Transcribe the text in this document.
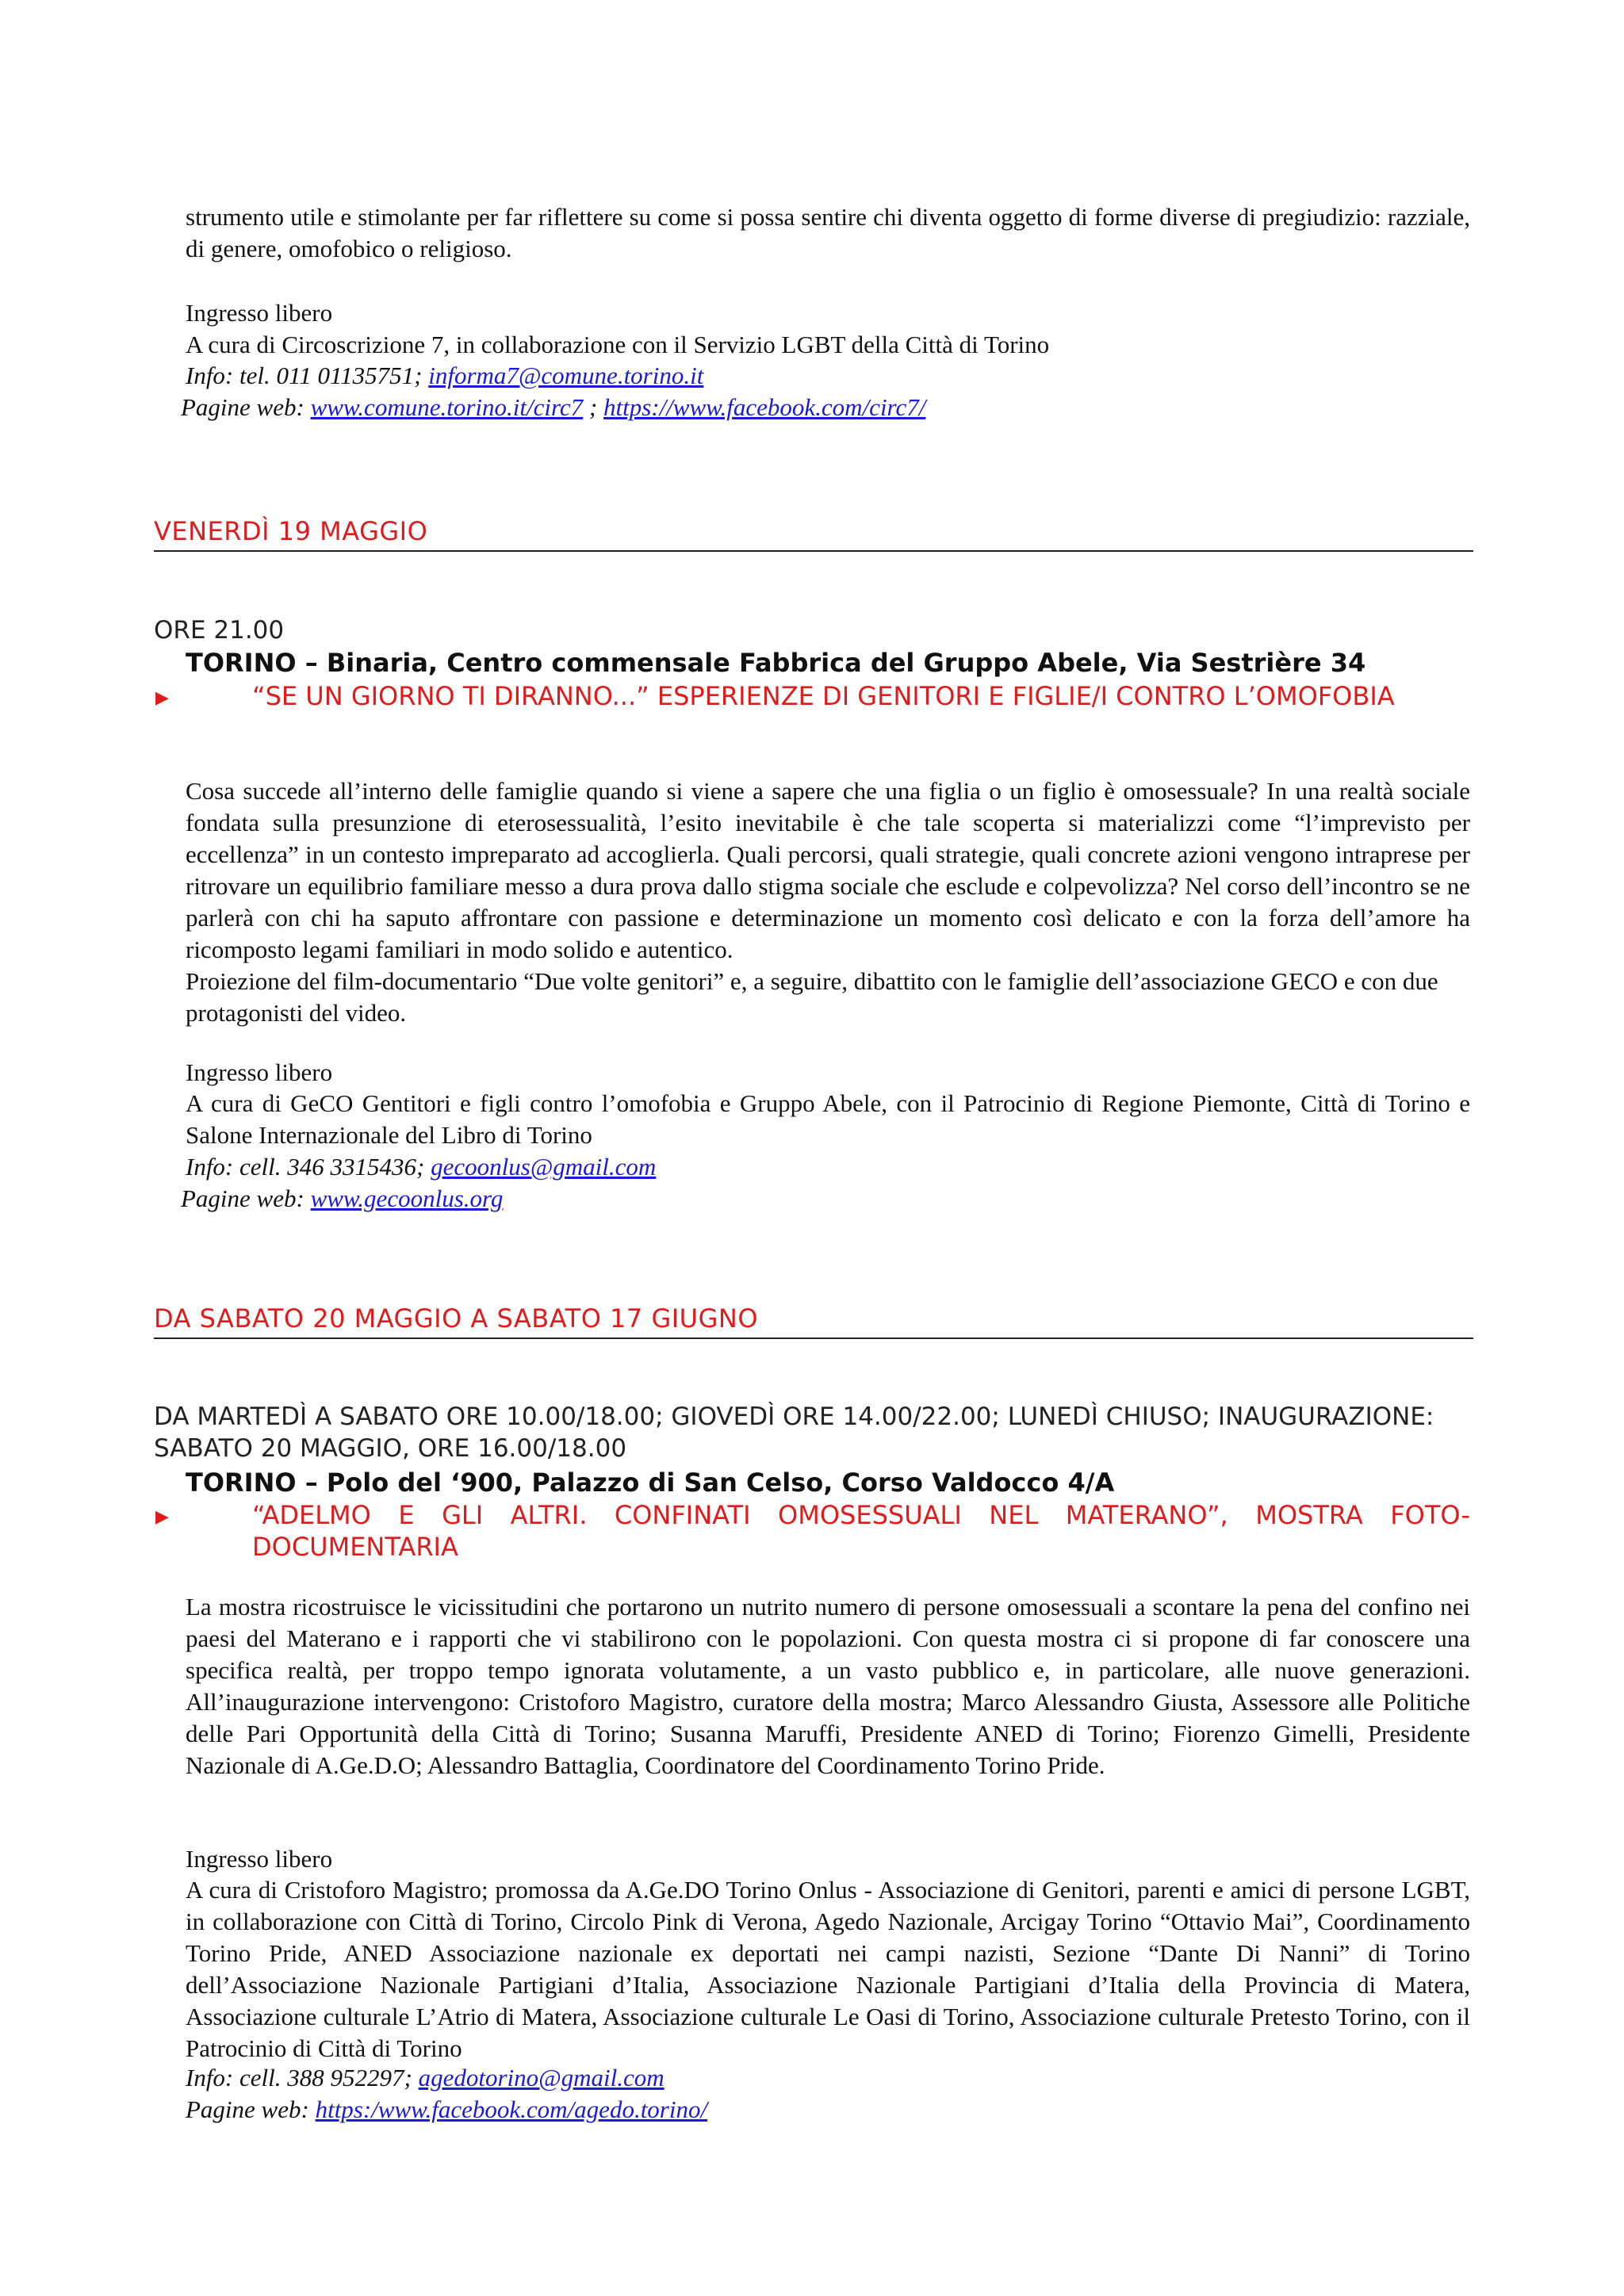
strumento utile e stimolante per far riflettere su come si possa sentire chi diventa oggetto di forme diverse di pregiudizio: razziale, di genere, omofobico o religioso.

Ingresso libero
A cura di Circoscrizione 7, in collaborazione con il Servizio LGBT della Città di Torino
Info: tel. 011 01135751; informa7@comune.torino.it
Pagine web: www.comune.torino.it/circ7 ; https://www.facebook.com/circ7/
VENERDÌ 19 MAGGIO
ORE 21.00
TORINO – Binaria, Centro commensale Fabbrica del Gruppo Abele, Via Sestrière 34
▶	“SE UN GIORNO TI DIRANNO...” ESPERIENZE DI GENITORI E FIGLIE/I CONTRO L’OMOFOBIA

Cosa succede all’interno delle famiglie quando si viene a sapere che una figlia o un figlio è omosessuale? In una realtà sociale fondata sulla presunzione di eterosessualità, l’esito inevitabile è che tale scoperta si materializzi come “l’imprevisto per eccellenza” in un contesto impreparato ad accoglierla. Quali percorsi, quali strategie, quali concrete azioni vengono intraprese per ritrovare un equilibrio familiare messo a dura prova dallo stigma sociale che esclude e colpevolizza? Nel corso dell’incontro se ne parlerà con chi ha saputo affrontare con passione e determinazione un momento così delicato e con la forza dell’amore ha ricomposto legami familiari in modo solido e autentico.

Proiezione del film-documentario “Due volte genitori” e, a seguire, dibattito con le famiglie dell’associazione GECO e con due protagonisti del video.

Ingresso libero
A cura di GeCO Gentitori e figli contro l’omofobia e Gruppo Abele, con il Patrocinio di Regione Piemonte, Città di Torino e Salone Internazionale del Libro di Torino
Info: cell. 346 3315436; gecoonlus@gmail.com
Pagine web: www.gecoonlus.org
DA SABATO 20 MAGGIO A SABATO 17 GIUGNO
DA MARTEDÌ A SABATO ORE 10.00/18.00; GIOVEDÌ ORE 14.00/22.00; LUNEDÌ CHIUSO; INAUGURAZIONE: SABATO 20 MAGGIO, ORE 16.00/18.00
TORINO – Polo del ‘900, Palazzo di San Celso, Corso Valdocco 4/A
▶	“ADELMO E GLI ALTRI. CONFINATI OMOSESSUALI NEL MATERANO”, MOSTRA FOTO-DOCUMENTARIA

La mostra ricostruisce le vicissitudini che portarono un nutrito numero di persone omosessuali a scontare la pena del confino nei paesi del Materano e i rapporti che vi stabilirono con le popolazioni. Con questa mostra ci si propone di far conoscere una specifica realtà, per troppo tempo ignorata volutamente, a un vasto pubblico e, in particolare, alle nuove generazioni. All’inaugurazione intervengono: Cristoforo Magistro, curatore della mostra; Marco Alessandro Giusta, Assessore alle Politiche delle Pari Opportunità della Città di Torino; Susanna Maruffi, Presidente ANED di Torino; Fiorenzo Gimelli, Presidente Nazionale di A.Ge.D.O; Alessandro Battaglia, Coordinatore del Coordinamento Torino Pride.

Ingresso libero
A cura di Cristoforo Magistro; promossa da A.Ge.DO Torino Onlus - Associazione di Genitori, parenti e amici di persone LGBT, in collaborazione con Città di Torino, Circolo Pink di Verona, Agedo Nazionale, Arcigay Torino “Ottavio Mai”, Coordinamento Torino Pride, ANED Associazione nazionale ex deportati nei campi nazisti, Sezione “Dante Di Nanni” di Torino dell’Associazione Nazionale Partigiani d’Italia, Associazione Nazionale Partigiani d’Italia della Provincia di Matera, Associazione culturale L’Atrio di Matera, Associazione culturale Le Oasi di Torino, Associazione culturale Pretesto Torino, con il Patrocinio di Città di Torino
Info: cell. 388 952297; agedotorino@gmail.com
Pagine web: https:/www.facebook.com/agedo.torino/
